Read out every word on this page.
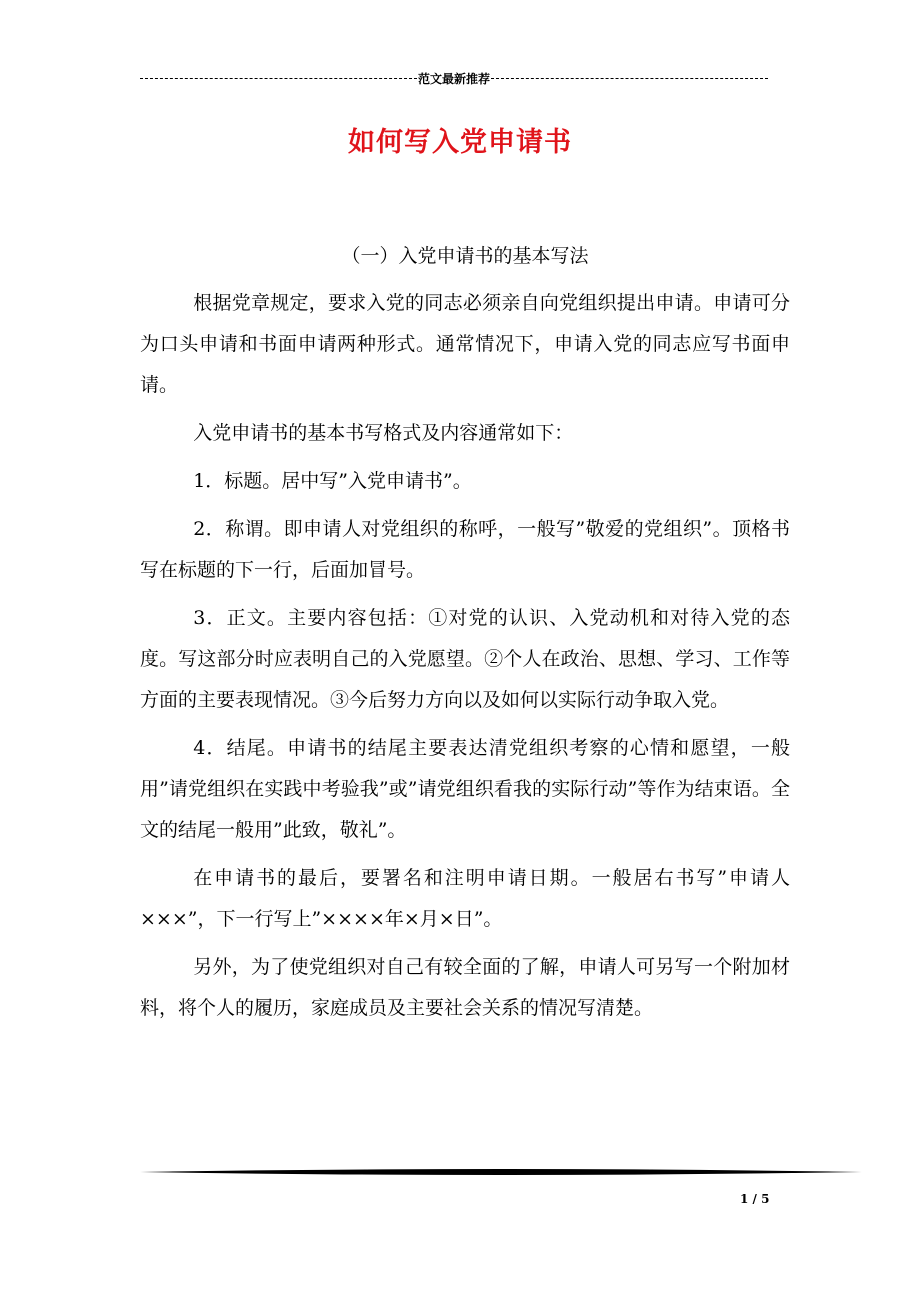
范文最新推荐
如何写入党申请书

（一）入党申请书的基本写法

根据党章规定，要求入党的同志必须亲自向党组织提出申请。申请可分为口头申请和书面申请两种形式。通常情况下，申请入党的同志应写书面申请。

入党申请书的基本书写格式及内容通常如下：

1．标题。居中写”入党申请书”。

2．称谓。即申请人对党组织的称呼，一般写”敬爱的党组织”。顶格书写在标题的下一行，后面加冒号。

3．正文。主要内容包括：①对党的认识、入党动机和对待入党的态度。写这部分时应表明自己的入党愿望。②个人在政治、思想、学习、工作等方面的主要表现情况。③今后努力方向以及如何以实际行动争取入党。

4．结尾。申请书的结尾主要表达清党组织考察的心情和愿望，一般用”请党组织在实践中考验我”或”请党组织看我的实际行动”等作为结束语。全文的结尾一般用”此致，敬礼”。

在申请书的最后，要署名和注明申请日期。一般居右书写”申请人×××”，下一行写上”××××年×月×日”。

另外，为了使党组织对自己有较全面的了解，申请人可另写一个附加材料，将个人的履历，家庭成员及主要社会关系的情况写清楚。

1 / 5
